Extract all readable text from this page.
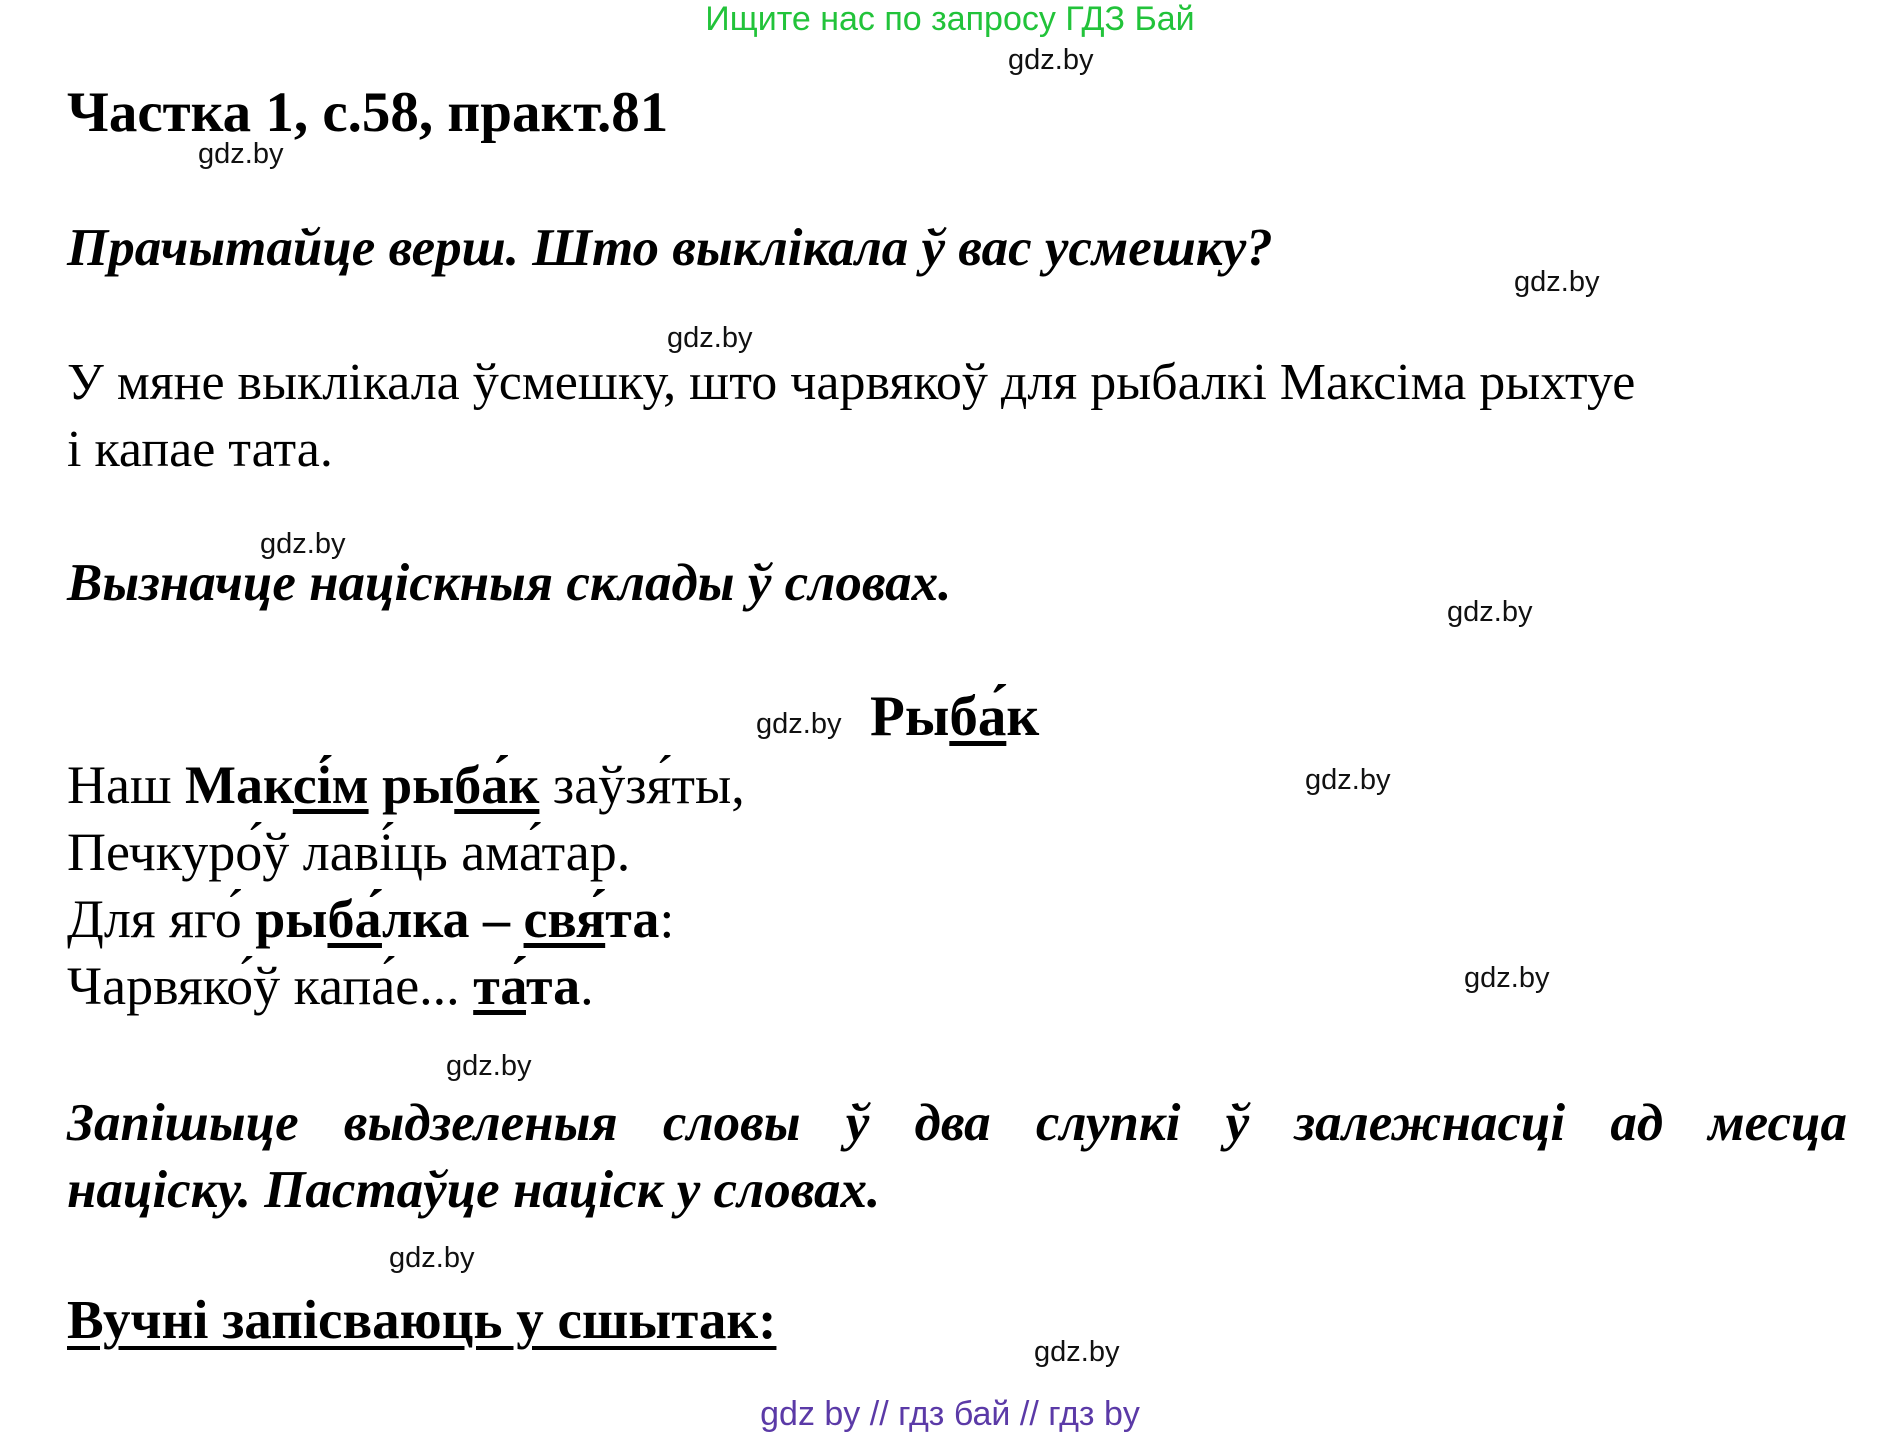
Ищите нас по запросу ГДЗ Бай
gdz.by
Частка 1, с.58, практ.81
gdz.by
Прачытайце верш. Што выклікала ў вас усмешку?
gdz.by
gdz.by
У мяне выклікала ўсмешку, што чарвякоў для рыбалкі Максіма рыхтуе
і капае тата.
gdz.by
Вызначце націскныя склады ў словах.	gdz.by
gdz.by Рыба́к
gdz.by
Наш Максі́м рыба́к заўзя́ты,
Печкуро́ў лаві́ць ама́тар.
Для яго́ рыба́лка – свя́та:
Чарвяко́ў капа́е... та́та.	gdz.by
gdz.by
Запішыце выдзеленыя словы ў два слупкі ў залежнасці ад месца
націску. Пастаўце націск у словах.
gdz.by
Вучні запісваюць у сшытак:
gdz.by
gdz by // гдз бай // гдз by
